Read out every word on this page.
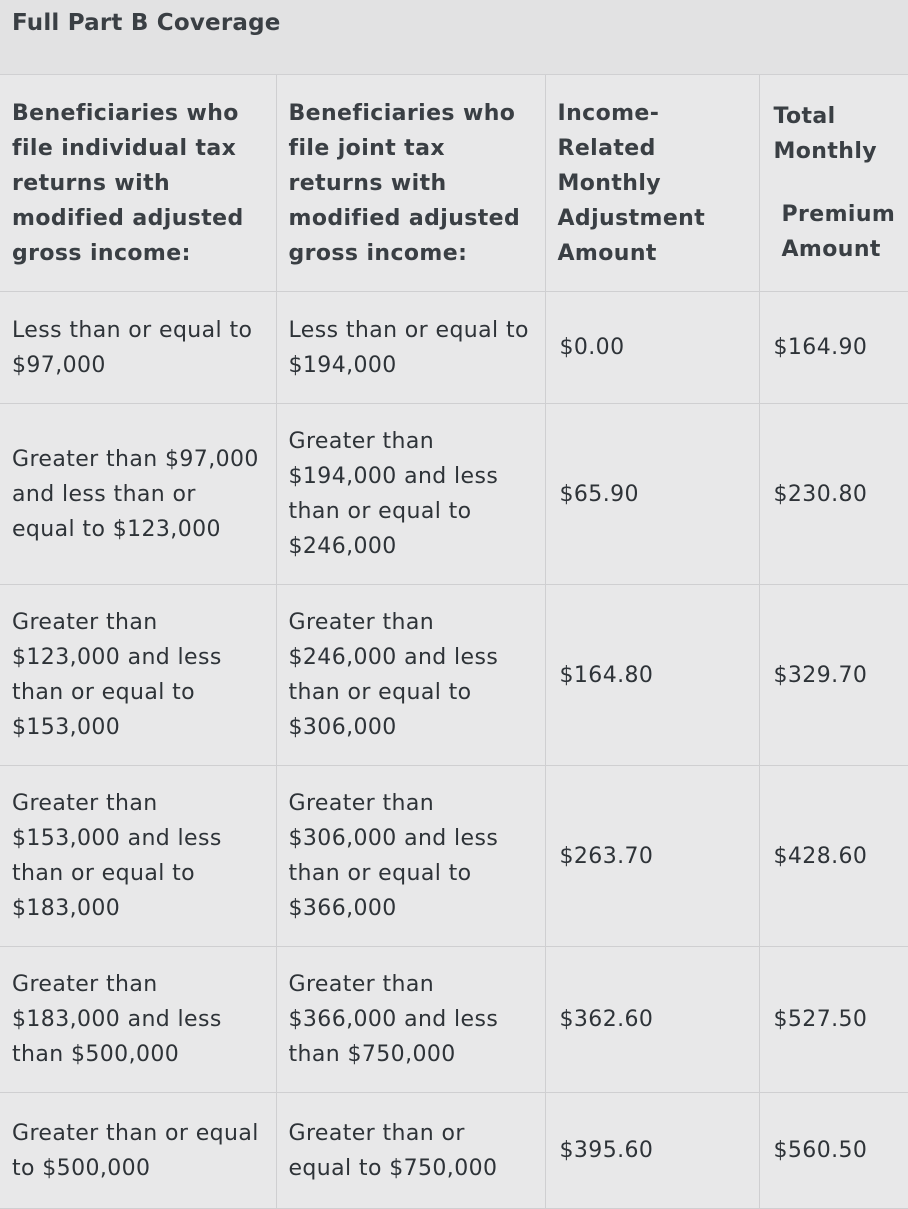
Full Part B Coverage
Beneficiaries who file individual tax returns with modified adjusted gross income:	Beneficiaries who file joint tax returns with modified adjusted gross income:	Income-Related Monthly Adjustment Amount	Total Monthly
Premium Amount

Less than or equal to $97,000	Less than or equal to $194,000	$0.00	$164.90
Greater than $97,000 and less than or equal to $123,000	Greater than $194,000 and less than or equal to $246,000	$65.90	$230.80
Greater than $123,000 and less than or equal to $153,000	Greater than $246,000 and less than or equal to $306,000	$164.80	$329.70
Greater than $153,000 and less than or equal to $183,000	Greater than $306,000 and less than or equal to $366,000	$263.70	$428.60
Greater than $183,000 and less than $500,000	Greater than $366,000 and less than $750,000	$362.60	$527.50
Greater than or equal to $500,000	Greater than or equal to $750,000	$395.60	$560.50
